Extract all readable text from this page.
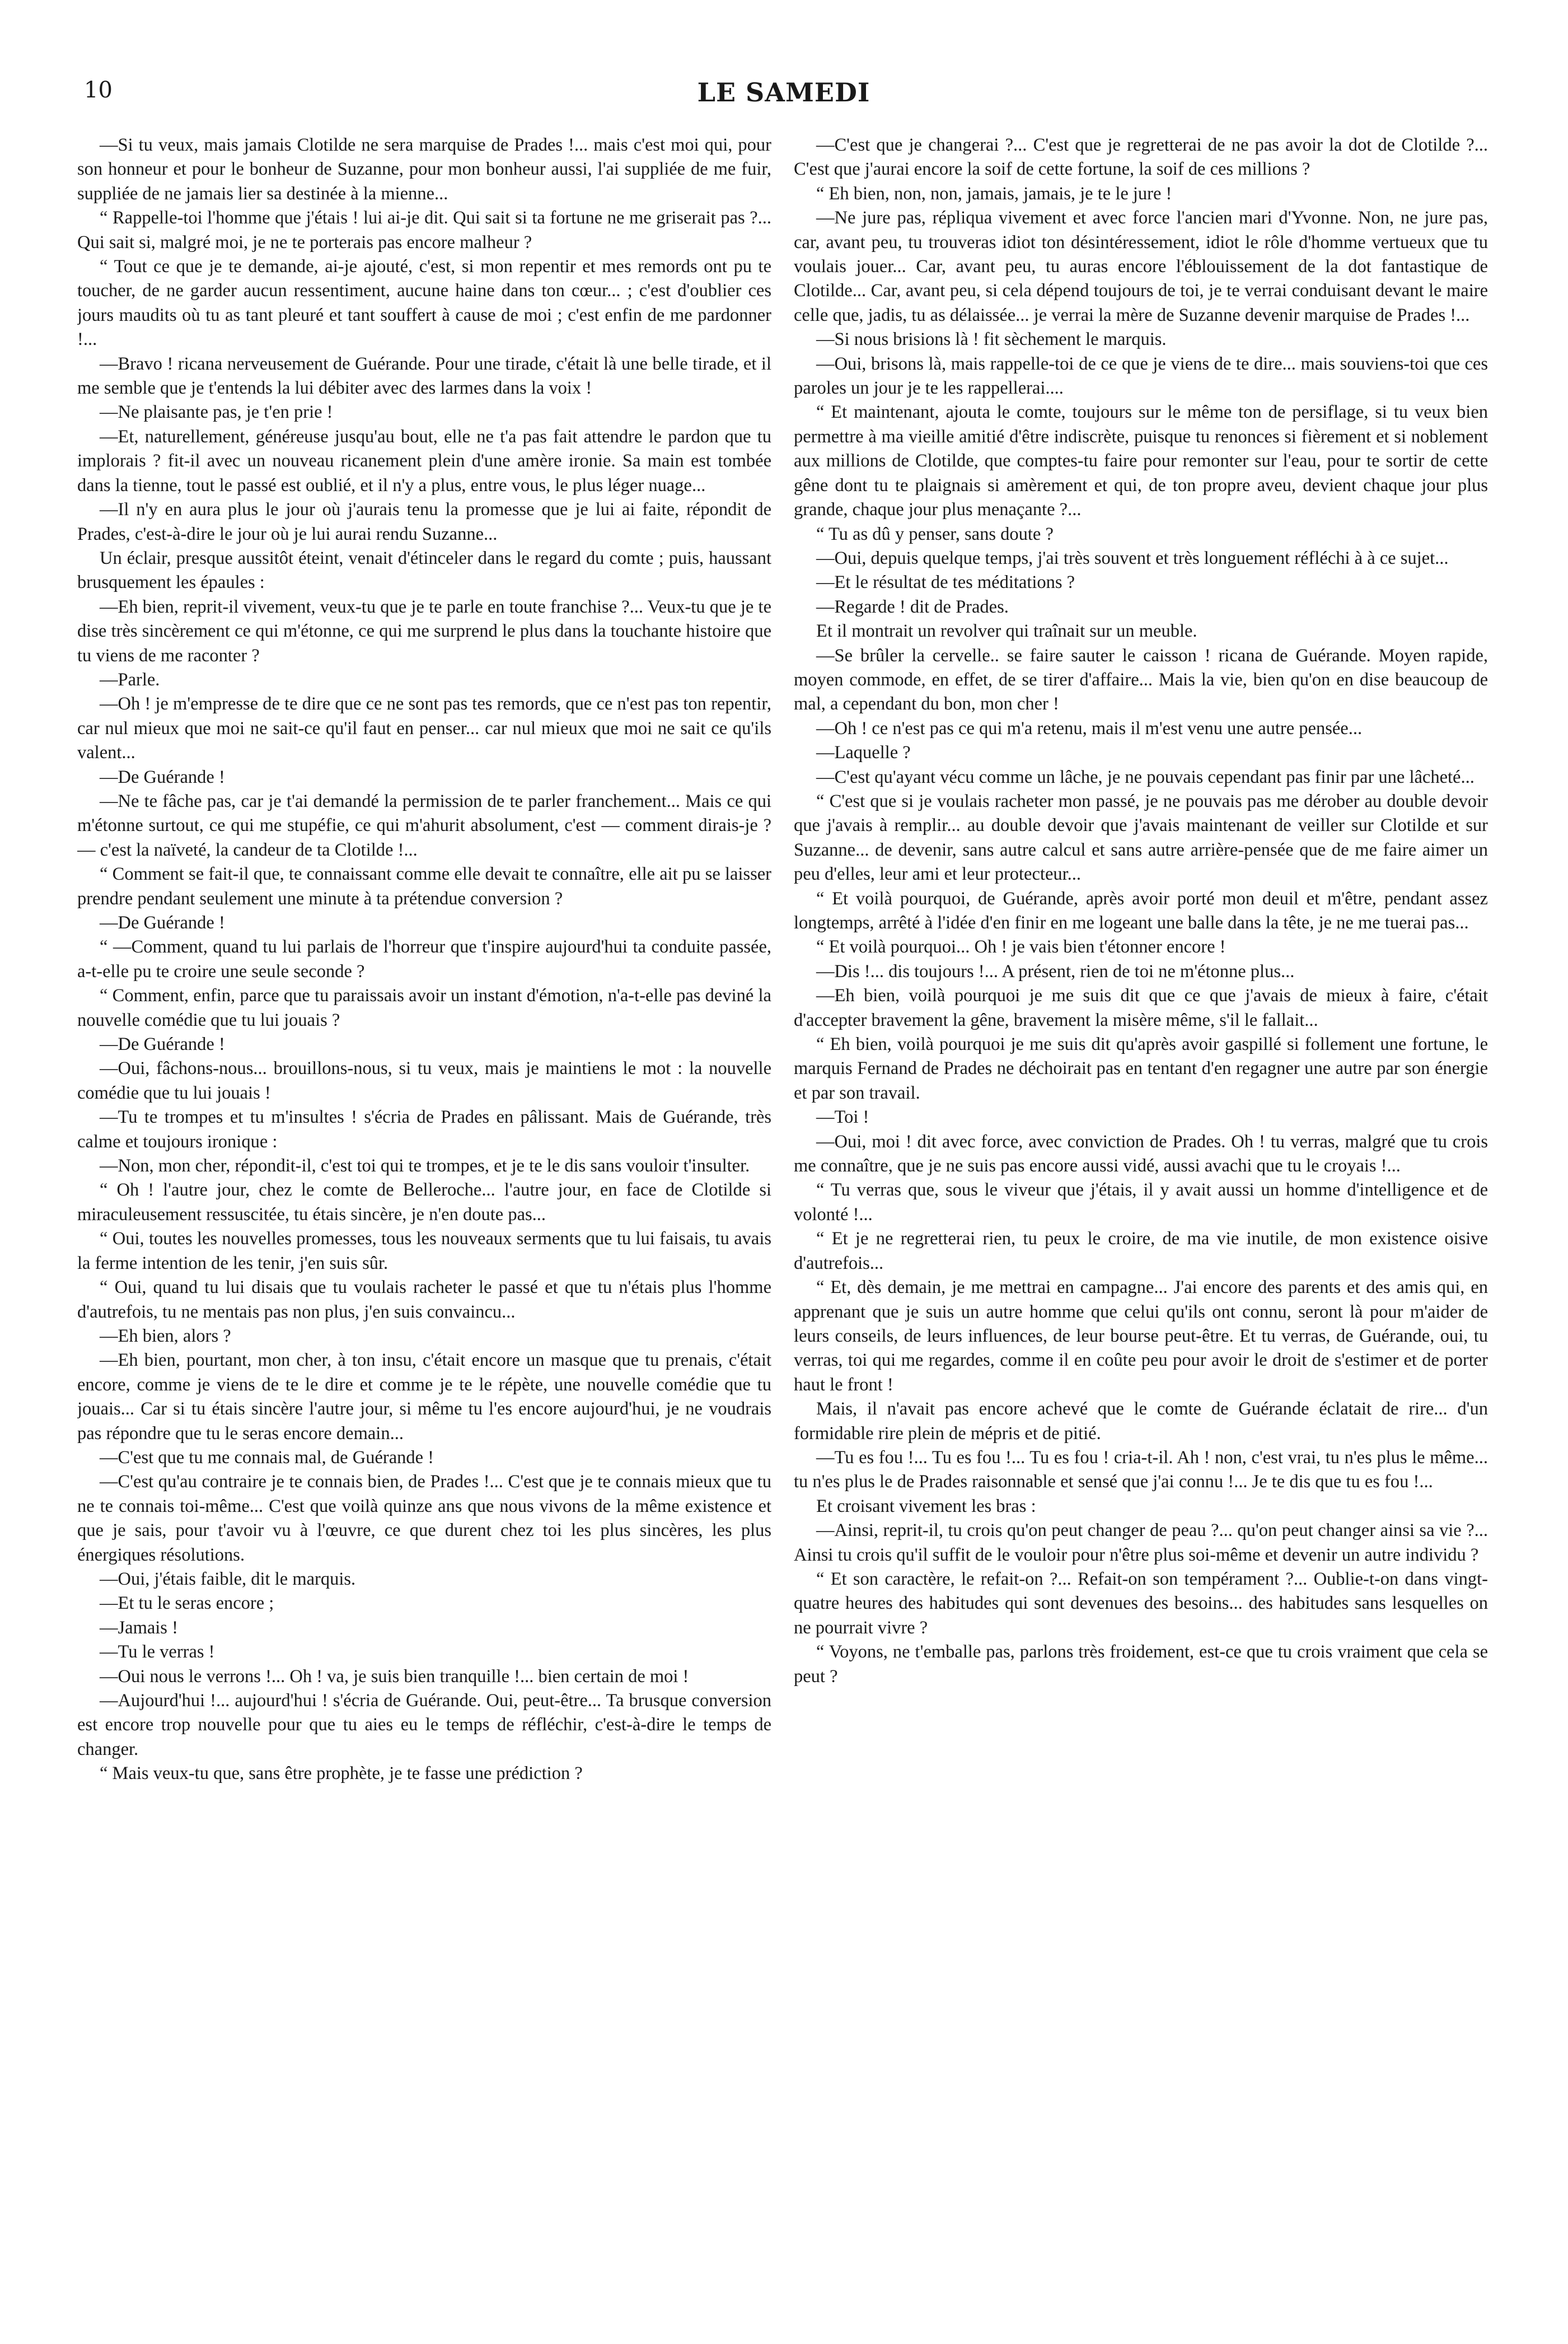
10	LE SAMEDI

—Si tu veux, mais jamais Clotilde ne sera marquise de Prades !... mais c'est moi qui, pour son honneur et pour le bonheur de Suzanne, pour mon bonheur aussi, l'ai suppliée de me fuir, suppliée de ne jamais lier sa destinée à la mienne...

“ Rappelle-toi l'homme que j'étais ! lui ai-je dit. Qui sait si ta fortune ne me griserait pas ?... Qui sait si, malgré moi, je ne te porterais pas encore malheur ?

“ Tout ce que je te demande, ai-je ajouté, c'est, si mon repentir et mes remords ont pu te toucher, de ne garder aucun ressentiment, aucune haine dans ton cœur... ; c'est d'oublier ces jours maudits où tu as tant pleuré et tant souffert à cause de moi ; c'est enfin de me pardonner !...

—Bravo ! ricana nerveusement de Guérande. Pour une tirade, c'était là une belle tirade, et il me semble que je t'entends la lui débiter avec des larmes dans la voix !

—Ne plaisante pas, je t'en prie !

—Et, naturellement, généreuse jusqu'au bout, elle ne t'a pas fait attendre le pardon que tu implorais ? fit-il avec un nouveau ricanement plein d'une amère ironie. Sa main est tombée dans la tienne, tout le passé est oublié, et il n'y a plus, entre vous, le plus léger nuage...

—Il n'y en aura plus le jour où j'aurais tenu la promesse que je lui ai faite, répondit de Prades, c'est-à-dire le jour où je lui aurai rendu Suzanne...

Un éclair, presque aussitôt éteint, venait d'étinceler dans le regard du comte ; puis, haussant brusquement les épaules :

—Eh bien, reprit-il vivement, veux-tu que je te parle en toute franchise ?... Veux-tu que je te dise très sincèrement ce qui m'étonne, ce qui me surprend le plus dans la touchante histoire que tu viens de me raconter ?

—Parle.

—Oh ! je m'empresse de te dire que ce ne sont pas tes remords, que ce n'est pas ton repentir, car nul mieux que moi ne sait-ce qu'il faut en penser... car nul mieux que moi ne sait ce qu'ils valent...

—De Guérande !

—Ne te fâche pas, car je t'ai demandé la permission de te parler franchement... Mais ce qui m'étonne surtout, ce qui me stupéfie, ce qui m'ahurit absolument, c'est — comment dirais-je ? — c'est la naïveté, la candeur de ta Clotilde !...

“ Comment se fait-il que, te connaissant comme elle devait te connaître, elle ait pu se laisser prendre pendant seulement une minute à ta prétendue conversion ?

—De Guérande !

“ —Comment, quand tu lui parlais de l'horreur que t'inspire aujourd'hui ta conduite passée, a-t-elle pu te croire une seule seconde ?

“ Comment, enfin, parce que tu paraissais avoir un instant d'émotion, n'a-t-elle pas deviné la nouvelle comédie que tu lui jouais ?

—De Guérande !

—Oui, fâchons-nous... brouillons-nous, si tu veux, mais je maintiens le mot : la nouvelle comédie que tu lui jouais !

—Tu te trompes et tu m'insultes ! s'écria de Prades en pâlissant. Mais de Guérande, très calme et toujours ironique :

—Non, mon cher, répondit-il, c'est toi qui te trompes, et je te le dis sans vouloir t'insulter.

“ Oh ! l'autre jour, chez le comte de Belleroche... l'autre jour, en face de Clotilde si miraculeusement ressuscitée, tu étais sincère, je n'en doute pas...

“ Oui, toutes les nouvelles promesses, tous les nouveaux serments que tu lui faisais, tu avais la ferme intention de les tenir, j'en suis sûr.

“ Oui, quand tu lui disais que tu voulais racheter le passé et que tu n'étais plus l'homme d'autrefois, tu ne mentais pas non plus, j'en suis convaincu...

—Eh bien, alors ?

—Eh bien, pourtant, mon cher, à ton insu, c'était encore un masque que tu prenais, c'était encore, comme je viens de te le dire et comme je te le répète, une nouvelle comédie que tu jouais... Car si tu étais sincère l'autre jour, si même tu l'es encore aujourd'hui, je ne voudrais pas répondre que tu le seras encore demain...

—C'est que tu me connais mal, de Guérande !

—C'est qu'au contraire je te connais bien, de Prades !... C'est que je te connais mieux que tu ne te connais toi-même... C'est que voilà quinze ans que nous vivons de la même existence et que je sais, pour t'avoir vu à l'œuvre, ce que durent chez toi les plus sincères, les plus énergiques résolutions.

—Oui, j'étais faible, dit le marquis.

—Et tu le seras encore ;

—Jamais !

—Tu le verras !

—Oui nous le verrons !... Oh ! va, je suis bien tranquille !... bien certain de moi !

—Aujourd'hui !... aujourd'hui ! s'écria de Guérande. Oui, peut-être... Ta brusque conversion est encore trop nouvelle pour que tu aies eu le temps de réfléchir, c'est-à-dire le temps de changer.

“ Mais veux-tu que, sans être prophète, je te fasse une prédiction ?

—C'est que je changerai ?... C'est que je regretterai de ne pas avoir la dot de Clotilde ?... C'est que j'aurai encore la soif de cette fortune, la soif de ces millions ?

“ Eh bien, non, non, jamais, jamais, je te le jure !

—Ne jure pas, répliqua vivement et avec force l'ancien mari d'Yvonne. Non, ne jure pas, car, avant peu, tu trouveras idiot ton désintéressement, idiot le rôle d'homme vertueux que tu voulais jouer... Car, avant peu, tu auras encore l'éblouissement de la dot fantastique de Clotilde... Car, avant peu, si cela dépend toujours de toi, je te verrai conduisant devant le maire celle que, jadis, tu as délaissée... je verrai la mère de Suzanne devenir marquise de Prades !...

—Si nous brisions là ! fit sèchement le marquis.

—Oui, brisons là, mais rappelle-toi de ce que je viens de te dire... mais souviens-toi que ces paroles un jour je te les rappellerai....

“ Et maintenant, ajouta le comte, toujours sur le même ton de persiflage, si tu veux bien permettre à ma vieille amitié d'être indiscrète, puisque tu renonces si fièrement et si noblement aux millions de Clotilde, que comptes-tu faire pour remonter sur l'eau, pour te sortir de cette gêne dont tu te plaignais si amèrement et qui, de ton propre aveu, devient chaque jour plus grande, chaque jour plus menaçante ?...

“ Tu as dû y penser, sans doute ?

—Oui, depuis quelque temps, j'ai très souvent et très longuement réfléchi à à ce sujet...

—Et le résultat de tes méditations ?

—Regarde ! dit de Prades.

Et il montrait un revolver qui traînait sur un meuble.

—Se brûler la cervelle.. se faire sauter le caisson ! ricana de Guérande. Moyen rapide, moyen commode, en effet, de se tirer d'affaire... Mais la vie, bien qu'on en dise beaucoup de mal, a cependant du bon, mon cher !

—Oh ! ce n'est pas ce qui m'a retenu, mais il m'est venu une autre pensée...

—Laquelle ?

—C'est qu'ayant vécu comme un lâche, je ne pouvais cependant pas finir par une lâcheté...

“ C'est que si je voulais racheter mon passé, je ne pouvais pas me dérober au double devoir que j'avais à remplir... au double devoir que j'avais maintenant de veiller sur Clotilde et sur Suzanne... de devenir, sans autre calcul et sans autre arrière-pensée que de me faire aimer un peu d'elles, leur ami et leur protecteur...

“ Et voilà pourquoi, de Guérande, après avoir porté mon deuil et m'être, pendant assez longtemps, arrêté à l'idée d'en finir en me logeant une balle dans la tête, je ne me tuerai pas...

“ Et voilà pourquoi... Oh ! je vais bien t'étonner encore !

—Dis !... dis toujours !... A présent, rien de toi ne m'étonne plus...

—Eh bien, voilà pourquoi je me suis dit que ce que j'avais de mieux à faire, c'était d'accepter bravement la gêne, bravement la misère même, s'il le fallait...

“ Eh bien, voilà pourquoi je me suis dit qu'après avoir gaspillé si follement une fortune, le marquis Fernand de Prades ne déchoirait pas en tentant d'en regagner une autre par son énergie et par son travail.

—Toi !

—Oui, moi ! dit avec force, avec conviction de Prades. Oh ! tu verras, malgré que tu crois me connaître, que je ne suis pas encore aussi vidé, aussi avachi que tu le croyais !...

“ Tu verras que, sous le viveur que j'étais, il y avait aussi un homme d'intelligence et de volonté !...

“ Et je ne regretterai rien, tu peux le croire, de ma vie inutile, de mon existence oisive d'autrefois...

“ Et, dès demain, je me mettrai en campagne... J'ai encore des parents et des amis qui, en apprenant que je suis un autre homme que celui qu'ils ont connu, seront là pour m'aider de leurs conseils, de leurs influences, de leur bourse peut-être. Et tu verras, de Guérande, oui, tu verras, toi qui me regardes, comme il en coûte peu pour avoir le droit de s'estimer et de porter haut le front !

Mais, il n'avait pas encore achevé que le comte de Guérande éclatait de rire... d'un formidable rire plein de mépris et de pitié.

—Tu es fou !... Tu es fou !... Tu es fou ! cria-t-il. Ah ! non, c'est vrai, tu n'es plus le même... tu n'es plus le de Prades raisonnable et sensé que j'ai connu !... Je te dis que tu es fou !...

Et croisant vivement les bras :

—Ainsi, reprit-il, tu crois qu'on peut changer de peau ?... qu'on peut changer ainsi sa vie ?... Ainsi tu crois qu'il suffit de le vouloir pour n'être plus soi-même et devenir un autre individu ?

“ Et son caractère, le refait-on ?... Refait-on son tempérament ?... Oublie-t-on dans vingt-quatre heures des habitudes qui sont devenues des besoins... des habitudes sans lesquelles on ne pourrait vivre ?

“ Voyons, ne t'emballe pas, parlons très froidement, est-ce que tu crois vraiment que cela se peut ?
